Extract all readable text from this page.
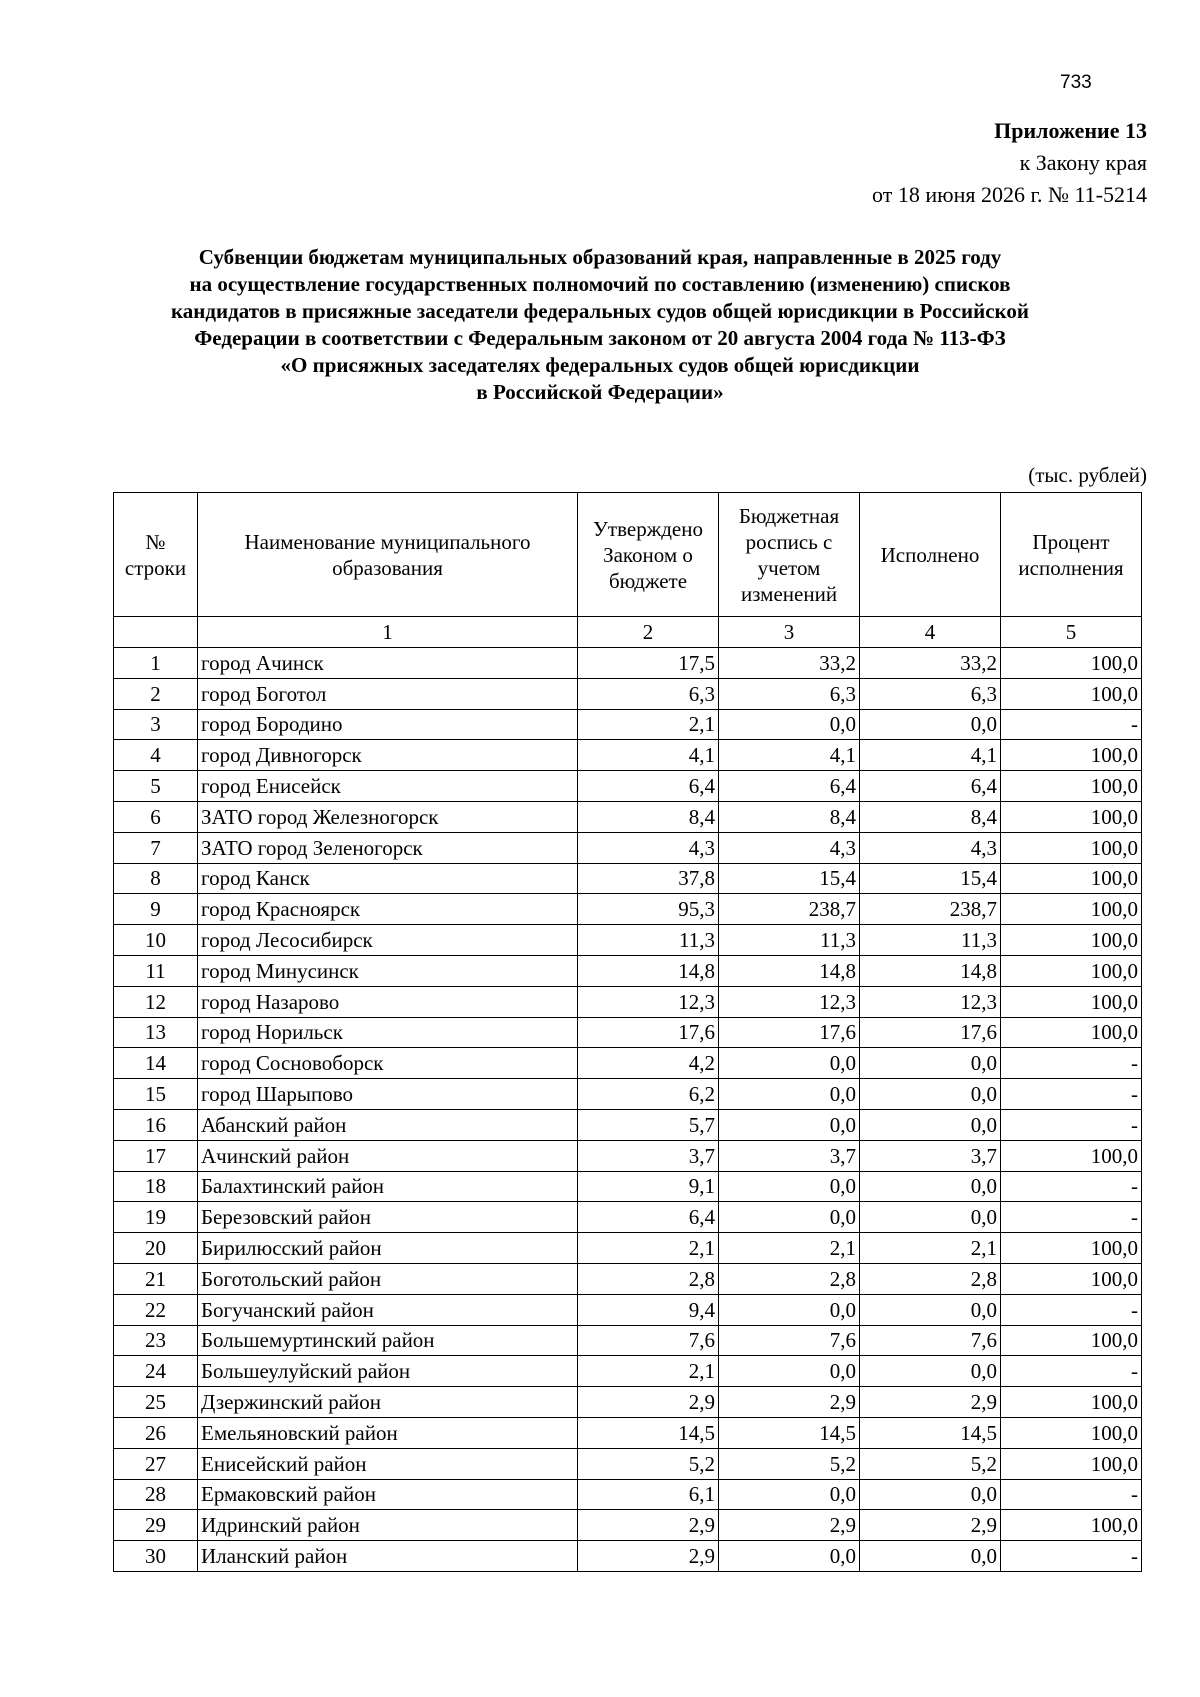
733
Приложение 13
к Закону края
от 18 июня 2026 г. № 11-5214
Субвенции бюджетам муниципальных образований края, направленные в 2025 году
на осуществление государственных полномочий по составлению (изменению) списков
кандидатов в присяжные заседатели федеральных судов общей юрисдикции в Российской
Федерации в соответствии с Федеральным законом от 20 августа 2004 года № 113-ФЗ
«О присяжных заседателях федеральных судов общей юрисдикции
в Российской Федерации»
(тыс. рублей)
№ строки	Наименование муниципального образования	Утверждено Законом о бюджете	Бюджетная роспись с учетом изменений	Исполнено	Процент исполнения
	1	2	3	4	5
1	город Ачинск	17,5	33,2	33,2	100,0
2	город Боготол	6,3	6,3	6,3	100,0
3	город Бородино	2,1	0,0	0,0	-
4	город Дивногорск	4,1	4,1	4,1	100,0
5	город Енисейск	6,4	6,4	6,4	100,0
6	ЗАТО город Железногорск	8,4	8,4	8,4	100,0
7	ЗАТО город Зеленогорск	4,3	4,3	4,3	100,0
8	город Канск	37,8	15,4	15,4	100,0
9	город Красноярск	95,3	238,7	238,7	100,0
10	город Лесосибирск	11,3	11,3	11,3	100,0
11	город Минусинск	14,8	14,8	14,8	100,0
12	город Назарово	12,3	12,3	12,3	100,0
13	город Норильск	17,6	17,6	17,6	100,0
14	город Сосновоборск	4,2	0,0	0,0	-
15	город Шарыпово	6,2	0,0	0,0	-
16	Абанский район	5,7	0,0	0,0	-
17	Ачинский район	3,7	3,7	3,7	100,0
18	Балахтинский район	9,1	0,0	0,0	-
19	Березовский район	6,4	0,0	0,0	-
20	Бирилюсский район	2,1	2,1	2,1	100,0
21	Боготольский район	2,8	2,8	2,8	100,0
22	Богучанский район	9,4	0,0	0,0	-
23	Большемуртинский район	7,6	7,6	7,6	100,0
24	Большеулуйский район	2,1	0,0	0,0	-
25	Дзержинский район	2,9	2,9	2,9	100,0
26	Емельяновский район	14,5	14,5	14,5	100,0
27	Енисейский район	5,2	5,2	5,2	100,0
28	Ермаковский район	6,1	0,0	0,0	-
29	Идринский район	2,9	2,9	2,9	100,0
30	Иланский район	2,9	0,0	0,0	-
